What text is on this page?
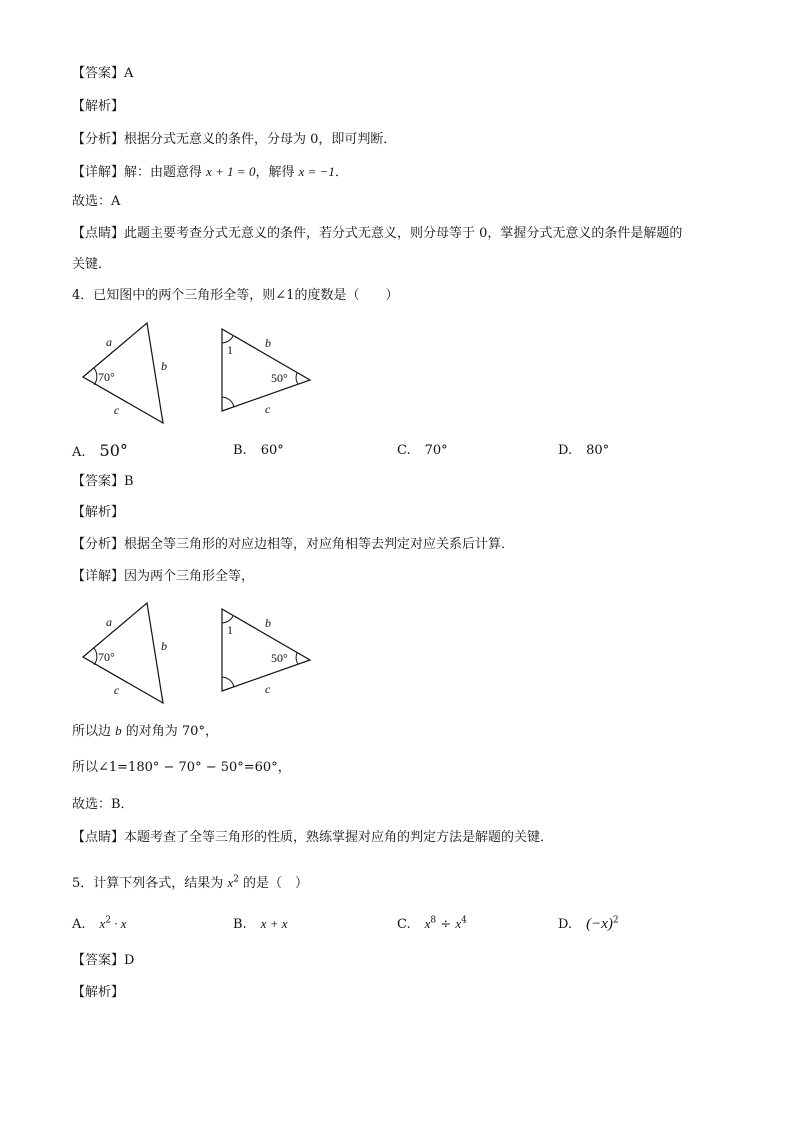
【答案】A
【解析】
【分析】根据分式无意义的条件，分母为 0，即可判断．
【详解】解：由题意得 x + 1 = 0，解得 x = −1．
故选：A
【点睛】此题主要考查分式无意义的条件，若分式无意义，则分母等于 0，掌握分式无意义的条件是解题的
关键．
4．已知图中的两个三角形全等，则∠1的度数是（　　）
a
b
c
70°
1	b
c
50°
A. 50°	B. 60°	C. 70°	D. 80°
【答案】B
【解析】
【分析】根据全等三角形的对应边相等，对应角相等去判定对应关系后计算．
【详解】因为两个三角形全等，
a
b
c
70°
1	b
c
50°
所以边 b 的对角为 70°，
所以∠1=180° − 70° − 50°=60°，
故选：B．
【点睛】本题考查了全等三角形的性质，熟练掌握对应角的判定方法是解题的关键．
5．计算下列各式，结果为 $x^2$ 的是（　）
A. $x^2 \cdot x$	B. x + x	C. $x^8 \div x^4$	D. $(-x)^2$
【答案】D
【解析】
